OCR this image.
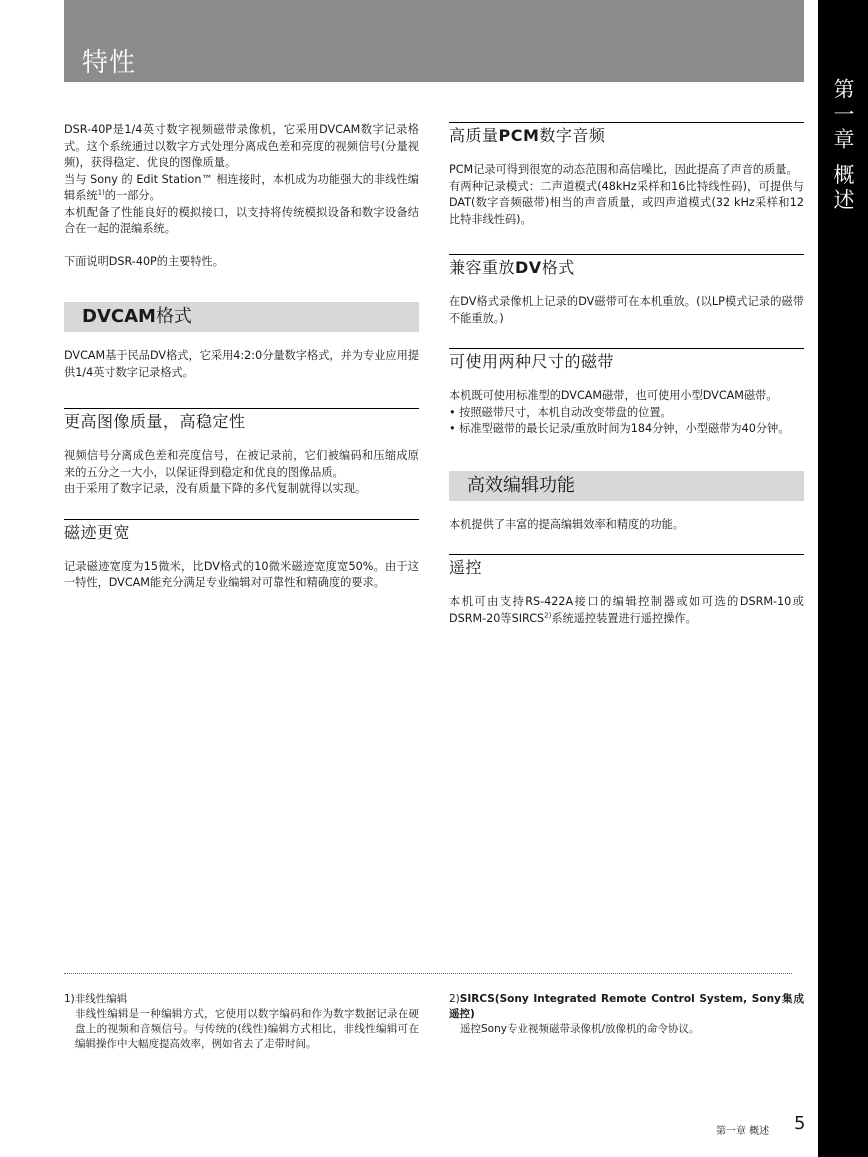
特性
第一章 概述

DSR-40P是1/4英寸数字视频磁带录像机，它采用DVCAM数字记录格式。这个系统通过以数字方式处理分离成色差和亮度的视频信号(分量视频)，获得稳定、优良的图像质量。

当与 Sony 的 Edit Station™ 相连接时，本机成为功能强大的非线性编辑系统$^{1)}$的一部分。

本机配备了性能良好的模拟接口，以支持将传统模拟设备和数字设备结合在一起的混编系统。

下面说明DSR-40P的主要特性。

DVCAM格式

DVCAM基于民品DV格式，它采用4:2:0分量数字格式，并为专业应用提供1/4英寸数字记录格式。

更高图像质量，高稳定性

视频信号分离成色差和亮度信号，在被记录前，它们被编码和压缩成原来的五分之一大小，以保证得到稳定和优良的图像品质。

由于采用了数字记录，没有质量下降的多代复制就得以实现。

磁迹更宽

记录磁迹宽度为15微米，比DV格式的10微米磁迹宽度宽50%。由于这一特性，DVCAM能充分满足专业编辑对可靠性和精确度的要求。

高质量PCM数字音频

PCM记录可得到很宽的动态范围和高信噪比，因此提高了声音的质量。

有两种记录模式：二声道模式(48kHz采样和16比特线性码)，可提供与DAT(数字音频磁带)相当的声音质量，或四声道模式(32 kHz采样和12比特非线性码)。

兼容重放DV格式

在DV格式录像机上记录的DV磁带可在本机重放。(以LP模式记录的磁带不能重放。)

可使用两种尺寸的磁带

本机既可使用标准型的DVCAM磁带，也可使用小型DVCAM磁带。

• 按照磁带尺寸，本机自动改变带盘的位置。

• 标准型磁带的最长记录/重放时间为184分钟，小型磁带为40分钟。

高效编辑功能

本机提供了丰富的提高编辑效率和精度的功能。

遥控

本机可由支持RS-422A接口的编辑控制器或如可选的DSRM-10或DSRM-20等SIRCS$^{2)}$系统遥控装置进行遥控操作。

1)非线性编辑

非线性编辑是一种编辑方式，它使用以数字编码和作为数字数据记录在硬盘上的视频和音频信号。与传统的(线性)编辑方式相比，非线性编辑可在编辑操作中大幅度提高效率，例如省去了走带时间。

2)SIRCS(Sony Integrated Remote Control System, Sony集成遥控)

遥控Sony专业视频磁带录像机/放像机的命令协议。

第一章 概述 5
